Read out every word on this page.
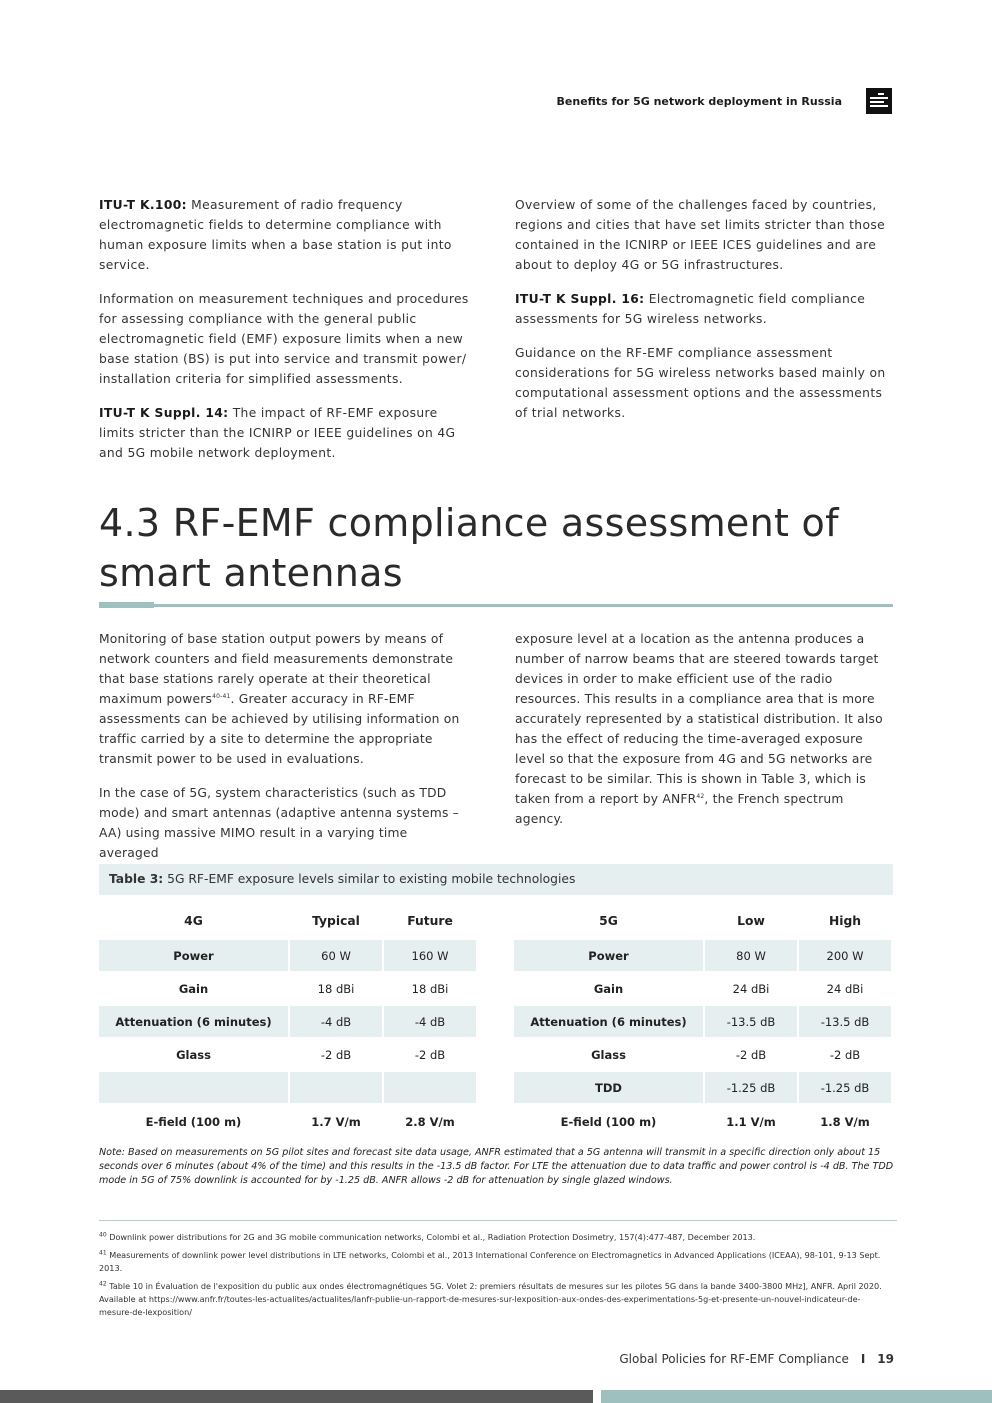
Benefits for 5G network deployment in Russia

ITU-T K.100: Measurement of radio frequency electromagnetic fields to determine compliance with human exposure limits when a base station is put into service.

Information on measurement techniques and procedures for assessing compliance with the general public electromagnetic field (EMF) exposure limits when a new base station (BS) is put into service and transmit power/ installation criteria for simplified assessments.

ITU-T K Suppl. 14: The impact of RF-EMF exposure limits stricter than the ICNIRP or IEEE guidelines on 4G and 5G mobile network deployment.

Overview of some of the challenges faced by countries, regions and cities that have set limits stricter than those contained in the ICNIRP or IEEE ICES guidelines and are about to deploy 4G or 5G infrastructures.

ITU-T K Suppl. 16: Electromagnetic field compliance assessments for 5G wireless networks.

Guidance on the RF-EMF compliance assessment considerations for 5G wireless networks based mainly on computational assessment options and the assessments of trial networks.

4.3 RF-EMF compliance assessment of smart antennas

Monitoring of base station output powers by means of network counters and field measurements demonstrate that base stations rarely operate at their theoretical maximum powers$^{40-41}$. Greater accuracy in RF-EMF assessments can be achieved by utilising information on traffic carried by a site to determine the appropriate transmit power to be used in evaluations.

In the case of 5G, system characteristics (such as TDD mode) and smart antennas (adaptive antenna systems – AA) using massive MIMO result in a varying time averaged

exposure level at a location as the antenna produces a number of narrow beams that are steered towards target devices in order to make efficient use of the radio resources. This results in a compliance area that is more accurately represented by a statistical distribution. It also has the effect of reducing the time-averaged exposure level so that the exposure from 4G and 5G networks are forecast to be similar. This is shown in Table 3, which is taken from a report by ANFR$^{42}$, the French spectrum agency.

Table 3: 5G RF-EMF exposure levels similar to existing mobile technologies
4G	Typical	Future
Power	60 W	160 W
Gain	18 dBi	18 dBi
Attenuation (6 minutes)	-4 dB	-4 dB
Glass	-2 dB	-2 dB

E-field (100 m)	1.7 V/m	2.8 V/m
5G	Low	High
Power	80 W	200 W
Gain	24 dBi	24 dBi
Attenuation (6 minutes)	-13.5 dB	-13.5 dB
Glass	-2 dB	-2 dB
TDD	-1.25 dB	-1.25 dB
E-field (100 m)	1.1 V/m	1.8 V/m
Note: Based on measurements on 5G pilot sites and forecast site data usage, ANFR estimated that a 5G antenna will transmit in a specific direction only about 15 seconds over 6 minutes (about 4% of the time) and this results in the -13.5 dB factor. For LTE the attenuation due to data traffic and power control is -4 dB. The TDD mode in 5G of 75% downlink is accounted for by -1.25 dB. ANFR allows -2 dB for attenuation by single glazed windows.

$^{40}$ Downlink power distributions for 2G and 3G mobile communication networks, Colombi et al., Radiation Protection Dosimetry, 157(4):477-487, December 2013.

$^{41}$ Measurements of downlink power level distributions in LTE networks, Colombi et al., 2013 International Conference on Electromagnetics in Advanced Applications (ICEAA), 98-101, 9-13 Sept. 2013.

$^{42}$ Table 10 in Évaluation de l'exposition du public aux ondes électromagnétiques 5G. Volet 2: premiers résultats de mesures sur les pilotes 5G dans la bande 3400-3800 MHz], ANFR. April 2020. Available at https://www.anfr.fr/toutes-les-actualites/actualites/lanfr-publie-un-rapport-de-mesures-sur-lexposition-aux-ondes-des-experimentations-5g-et-presente-un-nouvel-indicateur-de-mesure-de-lexposition/

Global Policies for RF-EMF Compliance I 19
